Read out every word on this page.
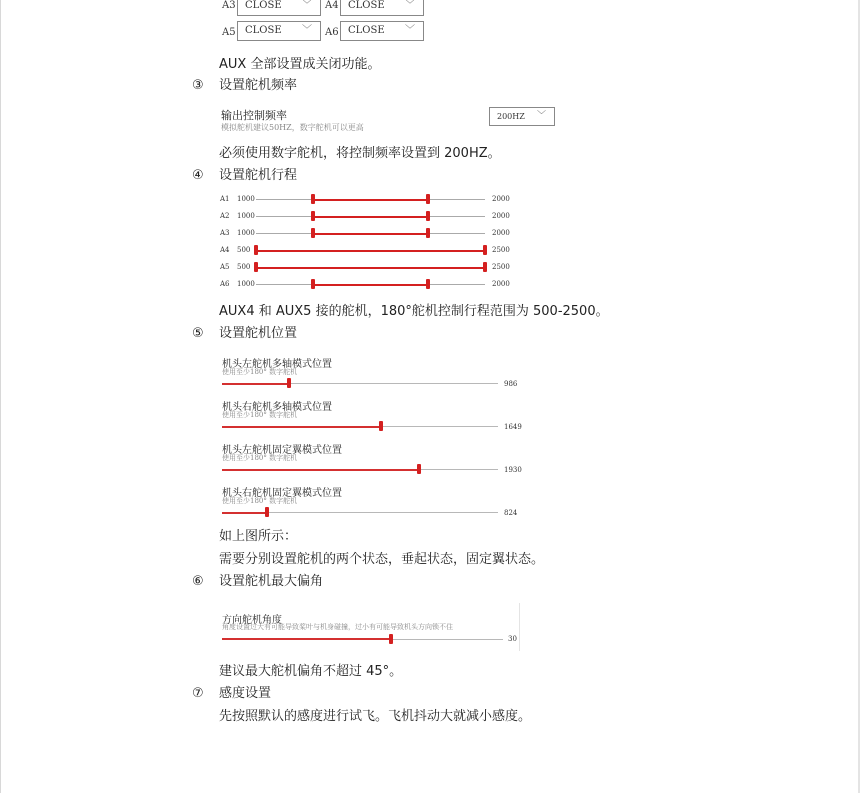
A3 CLOSE ﹀ A4 CLOSE ﹀
A5 CLOSE ﹀ A6 CLOSE ﹀
AUX 全部设置成关闭功能。
③ 设置舵机频率
输出控制频率
模拟舵机建议50HZ，数字舵机可以更高
200HZ ﹀
必须使用数字舵机，将控制频率设置到 200HZ。
④ 设置舵机行程
A1 1000	2000
A2 1000	2000
A3 1000	2000
A4 500	2500
A5 500	2500
A6 1000	2000
AUX4 和 AUX5 接的舵机，180°舵机控制行程范围为 500-2500。
⑤ 设置舵机位置
机头左舵机多轴模式位置
使用至少180° 数字舵机
986
机头右舵机多轴模式位置
使用至少180° 数字舵机
1649
机头左舵机固定翼模式位置
使用至少180° 数字舵机
1930
机头右舵机固定翼模式位置
使用至少180° 数字舵机
824
如上图所示：
需要分别设置舵机的两个状态，垂起状态，固定翼状态。
⑥ 设置舵机最大偏角
方向舵机角度
角度设置过大有可能导致桨叶与机身碰撞，过小有可能导致机头方向锁不住
30
建议最大舵机偏角不超过 45°。
⑦ 感度设置
先按照默认的感度进行试飞。飞机抖动大就减小感度。
